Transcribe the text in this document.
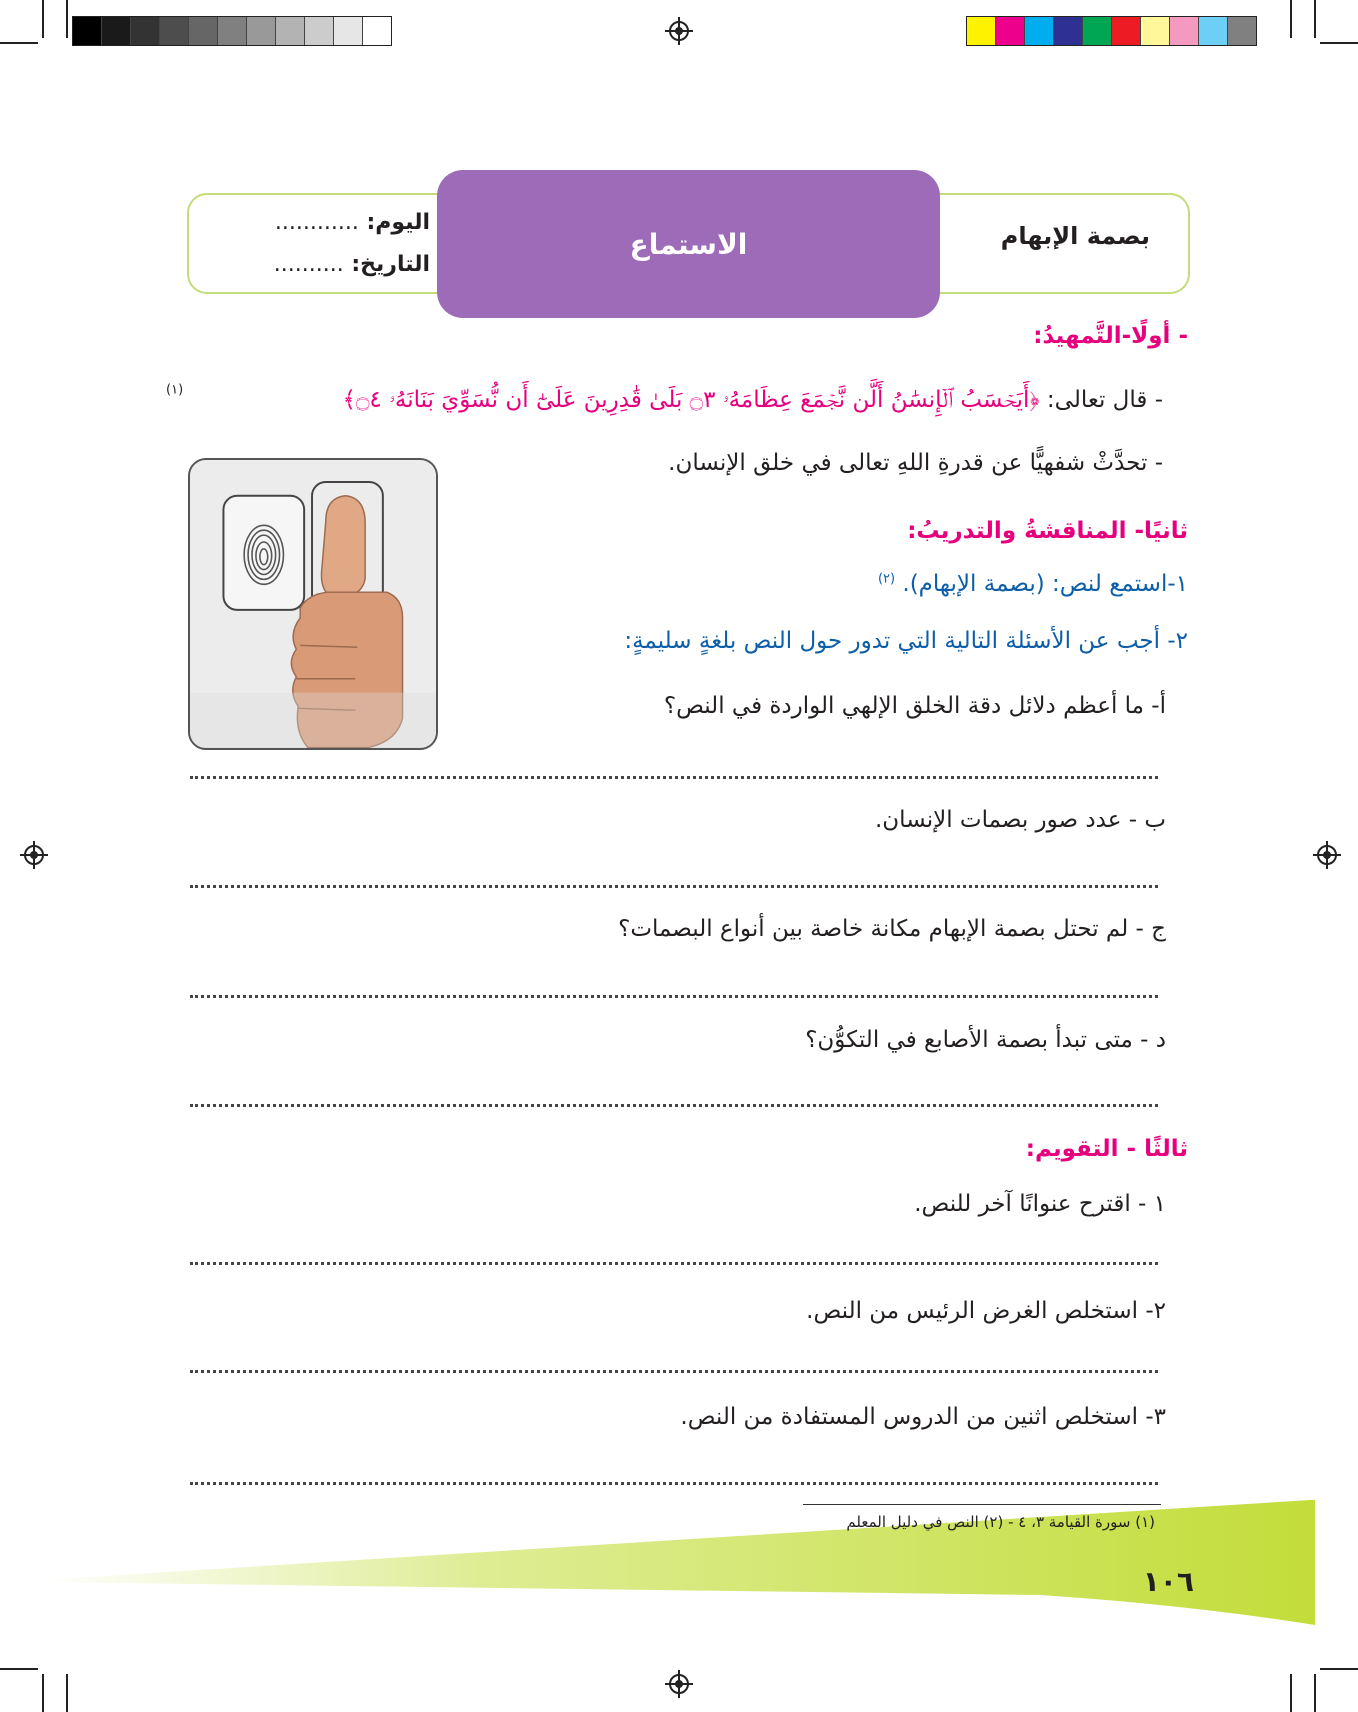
الاستماع	بصمة الإبهام
اليوم: ............
التاريخ: ..........
- أولًا-التَّمهيدُ:
- قال تعالى: ﴿أَيَحۡسَبُ ٱلۡإِنسَٰنُ أَلَّن نَّجۡمَعَ عِظَامَهُۥ ۝٣ بَلَىٰ قَٰدِرِينَ عَلَىٰٓ أَن نُّسَوِّيَ بَنَانَهُۥ ۝٤﴾
$^{(١)}$
- تحدَّثْ شفهيًّا عن قدرةِ اللهِ تعالى في خلق الإنسان.
ثانيًا- المناقشةُ والتدريبُ:
١-استمع لنص: (بصمة الإبهام). $^{(٢)}$
٢- أجب عن الأسئلة التالية التي تدور حول النص بلغةٍ سليمةٍ:
أ- ما أعظم دلائل دقة الخلق الإلهي الواردة في النص؟
ب - عدد صور بصمات الإنسان.
ج - لم تحتل بصمة الإبهام مكانة خاصة بين أنواع البصمات؟
د - متى تبدأ بصمة الأصابع في التكوُّن؟
ثالثًا - التقويم:
١ - اقترح عنوانًا آخر للنص.
٢- استخلص الغرض الرئيس من النص.
٣- استخلص اثنين من الدروس المستفادة من النص.
(١) سورة القيامة ٣، ٤ - (٢) النص في دليل المعلم
١٠٦
